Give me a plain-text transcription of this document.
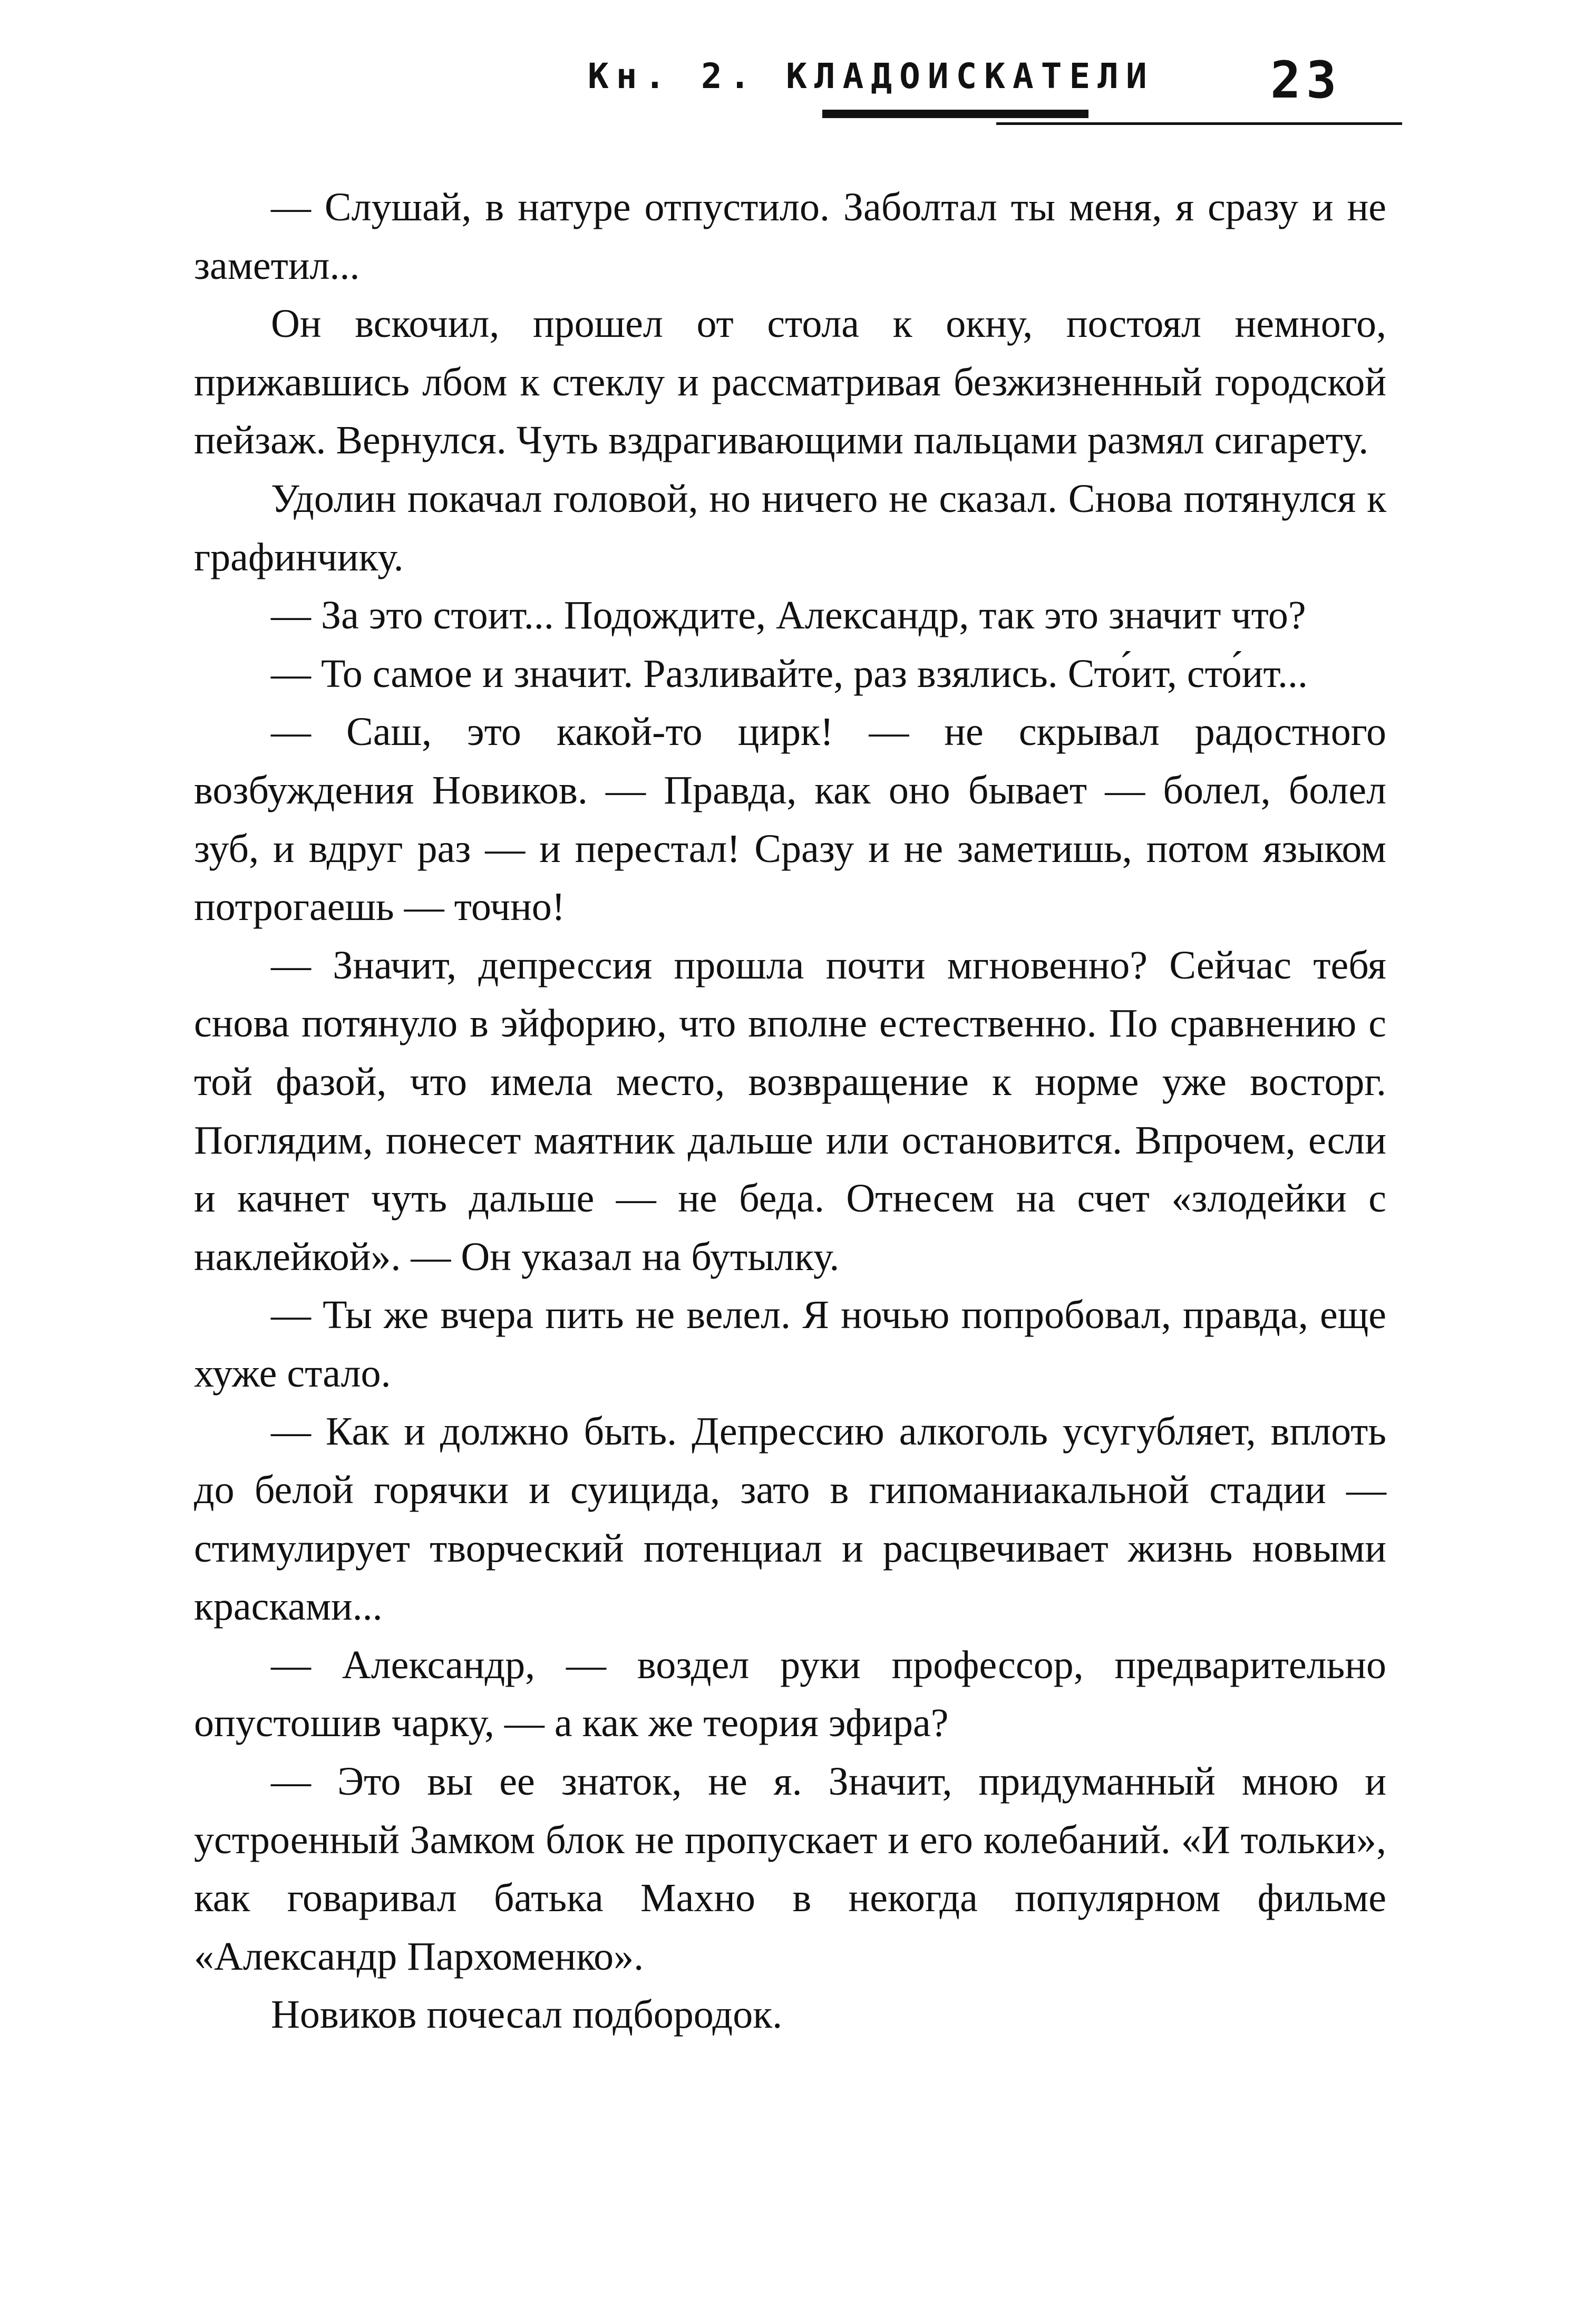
Кн. 2. КЛАДОИСКАТЕЛИ 23

— Слушай, в натуре отпустило. Заболтал ты меня, я сразу и не заметил...

Он вскочил, прошел от стола к окну, постоял немного, прижавшись лбом к стеклу и рассматривая безжизненный городской пейзаж. Вернулся. Чуть вздрагивающими пальцами размял сигарету.

Удолин покачал головой, но ничего не сказал. Снова потянулся к графинчику.

— За это стоит... Подождите, Александр, так это значит что?

— То самое и значит. Разливайте, раз взялись. Сто́ит, сто́ит...

— Саш, это какой-то цирк! — не скрывал радостного возбуждения Новиков. — Правда, как оно бывает — болел, болел зуб, и вдруг раз — и перестал! Сразу и не заметишь, потом языком потрогаешь — точно!

— Значит, депрессия прошла почти мгновенно? Сейчас тебя снова потянуло в эйфорию, что вполне естественно. По сравнению с той фазой, что имела место, возвращение к норме уже восторг. Поглядим, понесет маятник дальше или остановится. Впрочем, если и качнет чуть дальше — не беда. Отнесем на счет «злодейки с наклейкой». — Он указал на бутылку.

— Ты же вчера пить не велел. Я ночью попробовал, правда, еще хуже стало.

— Как и должно быть. Депрессию алкоголь усугубляет, вплоть до белой горячки и суицида, зато в гипоманиакальной стадии — стимулирует творческий потенциал и расцвечивает жизнь новыми красками...

— Александр, — воздел руки профессор, предварительно опустошив чарку, — а как же теория эфира?

— Это вы ее знаток, не я. Значит, придуманный мною и устроенный Замком блок не пропускает и его колебаний. «И тольки», как говаривал батька Махно в некогда популярном фильме «Александр Пархоменко».

Новиков почесал подбородок.
